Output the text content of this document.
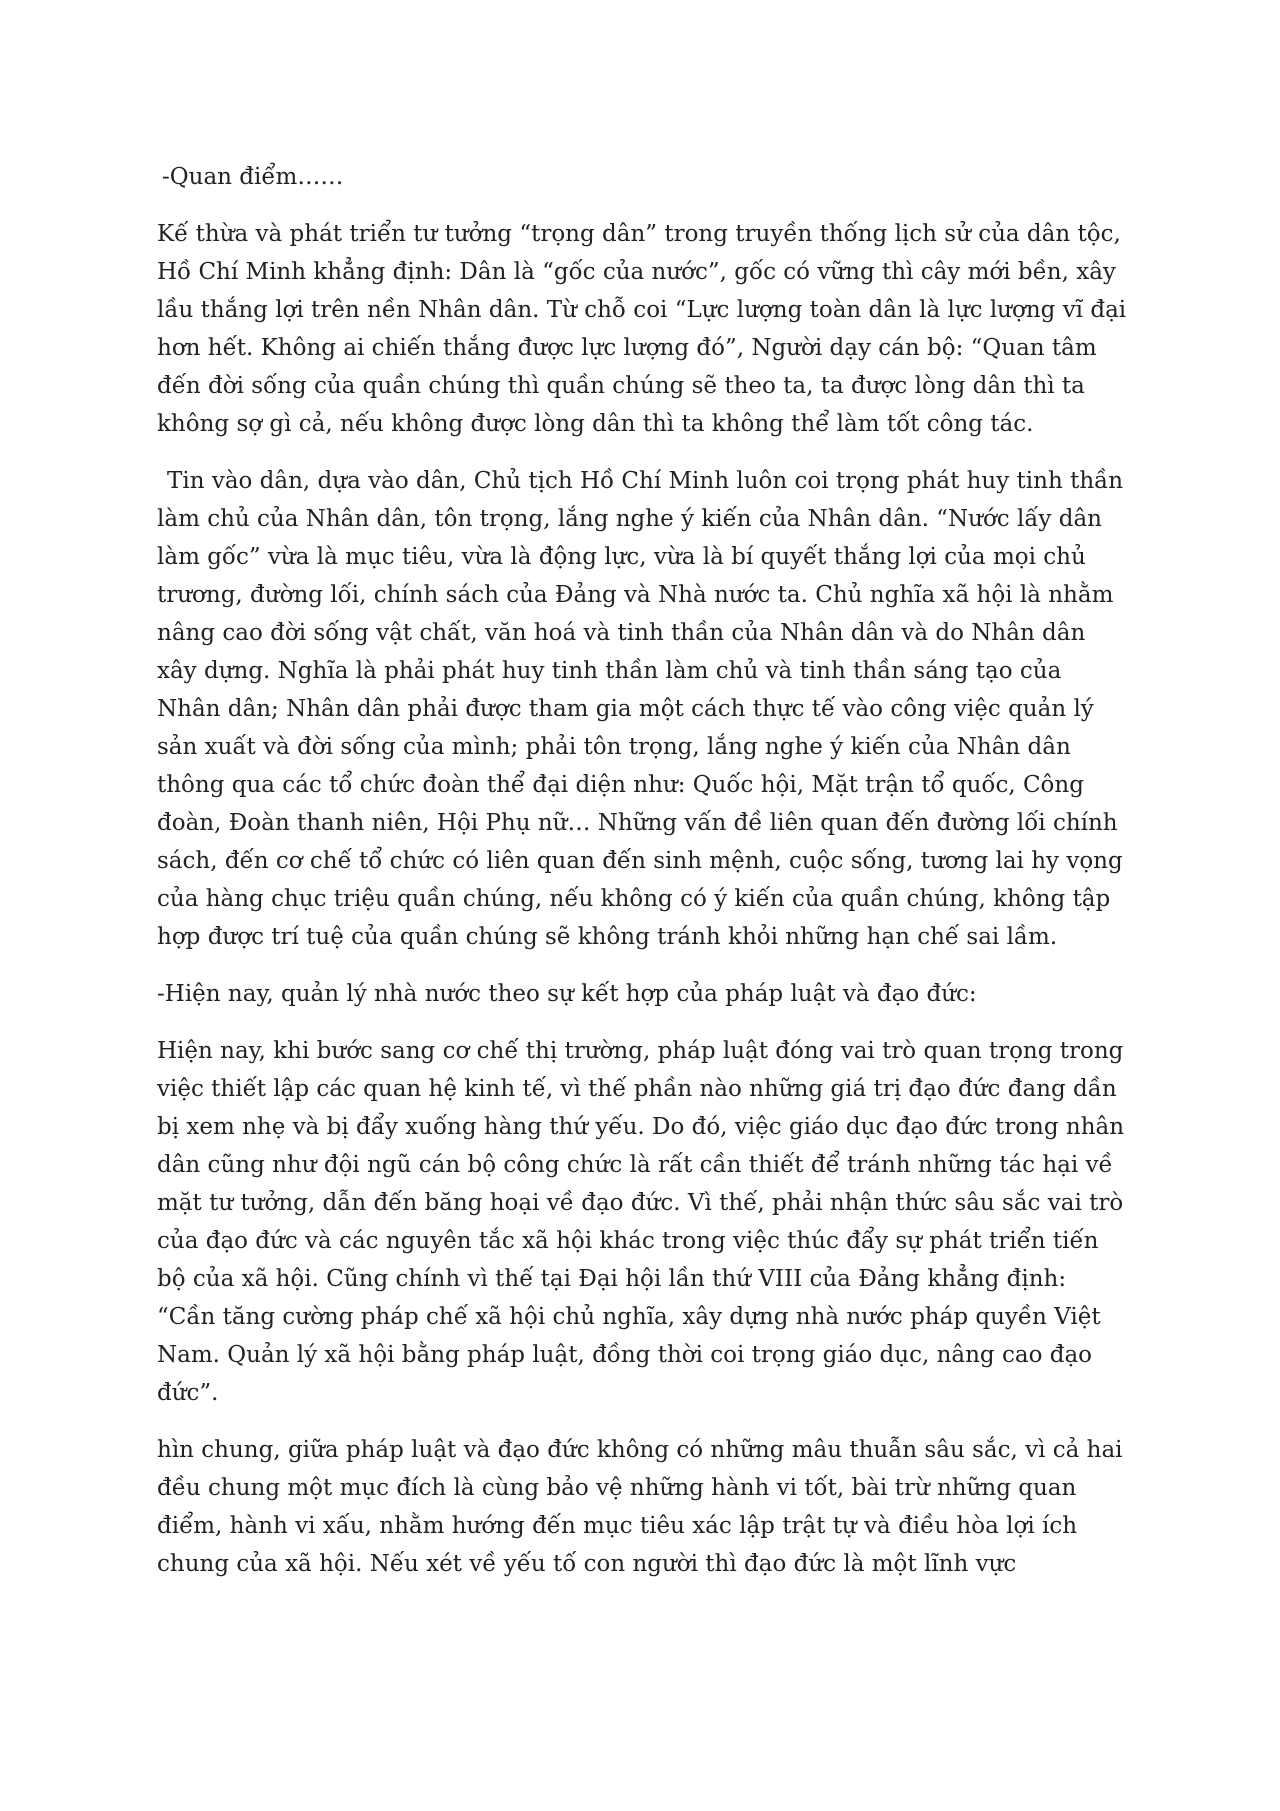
-Quan điểm……

Kế thừa và phát triển tư tưởng “trọng dân” trong truyền thống lịch sử của dân tộc, Hồ Chí Minh khẳng định: Dân là “gốc của nước”, gốc có vững thì cây mới bền, xây lầu thắng lợi trên nền Nhân dân. Từ chỗ coi “Lực lượng toàn dân là lực lượng vĩ đại hơn hết. Không ai chiến thắng được lực lượng đó”, Người dạy cán bộ: “Quan tâm đến đời sống của quần chúng thì quần chúng sẽ theo ta, ta được lòng dân thì ta không sợ gì cả, nếu không được lòng dân thì ta không thể làm tốt công tác.

Tin vào dân, dựa vào dân, Chủ tịch Hồ Chí Minh luôn coi trọng phát huy tinh thần làm chủ của Nhân dân, tôn trọng, lắng nghe ý kiến của Nhân dân. “Nước lấy dân làm gốc” vừa là mục tiêu, vừa là động lực, vừa là bí quyết thắng lợi của mọi chủ trương, đường lối, chính sách của Đảng và Nhà nước ta. Chủ nghĩa xã hội là nhằm nâng cao đời sống vật chất, văn hoá và tinh thần của Nhân dân và do Nhân dân xây dựng. Nghĩa là phải phát huy tinh thần làm chủ và tinh thần sáng tạo của Nhân dân; Nhân dân phải được tham gia một cách thực tế vào công việc quản lý sản xuất và đời sống của mình; phải tôn trọng, lắng nghe ý kiến của Nhân dân thông qua các tổ chức đoàn thể đại diện như: Quốc hội, Mặt trận tổ quốc, Công đoàn, Đoàn thanh niên, Hội Phụ nữ… Những vấn đề liên quan đến đường lối chính sách, đến cơ chế tổ chức có liên quan đến sinh mệnh, cuộc sống, tương lai hy vọng của hàng chục triệu quần chúng, nếu không có ý kiến của quần chúng, không tập hợp được trí tuệ của quần chúng sẽ không tránh khỏi những hạn chế sai lầm.

-Hiện nay, quản lý nhà nước theo sự kết hợp của pháp luật và đạo đức:

Hiện nay, khi bước sang cơ chế thị trường, pháp luật đóng vai trò quan trọng trong việc thiết lập các quan hệ kinh tế, vì thế phần nào những giá trị đạo đức đang dần bị xem nhẹ và bị đẩy xuống hàng thứ yếu. Do đó, việc giáo dục đạo đức trong nhân dân cũng như đội ngũ cán bộ công chức là rất cần thiết để tránh những tác hại về mặt tư tưởng, dẫn đến băng hoại về đạo đức. Vì thế, phải nhận thức sâu sắc vai trò của đạo đức và các nguyên tắc xã hội khác trong việc thúc đẩy sự phát triển tiến bộ của xã hội. Cũng chính vì thế tại Đại hội lần thứ VIII của Đảng khẳng định: “Cần tăng cường pháp chế xã hội chủ nghĩa, xây dựng nhà nước pháp quyền Việt Nam. Quản lý xã hội bằng pháp luật, đồng thời coi trọng giáo dục, nâng cao đạo đức”.

hìn chung, giữa pháp luật và đạo đức không có những mâu thuẫn sâu sắc, vì cả hai đều chung một mục đích là cùng bảo vệ những hành vi tốt, bài trừ những quan điểm, hành vi xấu, nhằm hướng đến mục tiêu xác lập trật tự và điều hòa lợi ích chung của xã hội. Nếu xét về yếu tố con người thì đạo đức là một lĩnh vực
